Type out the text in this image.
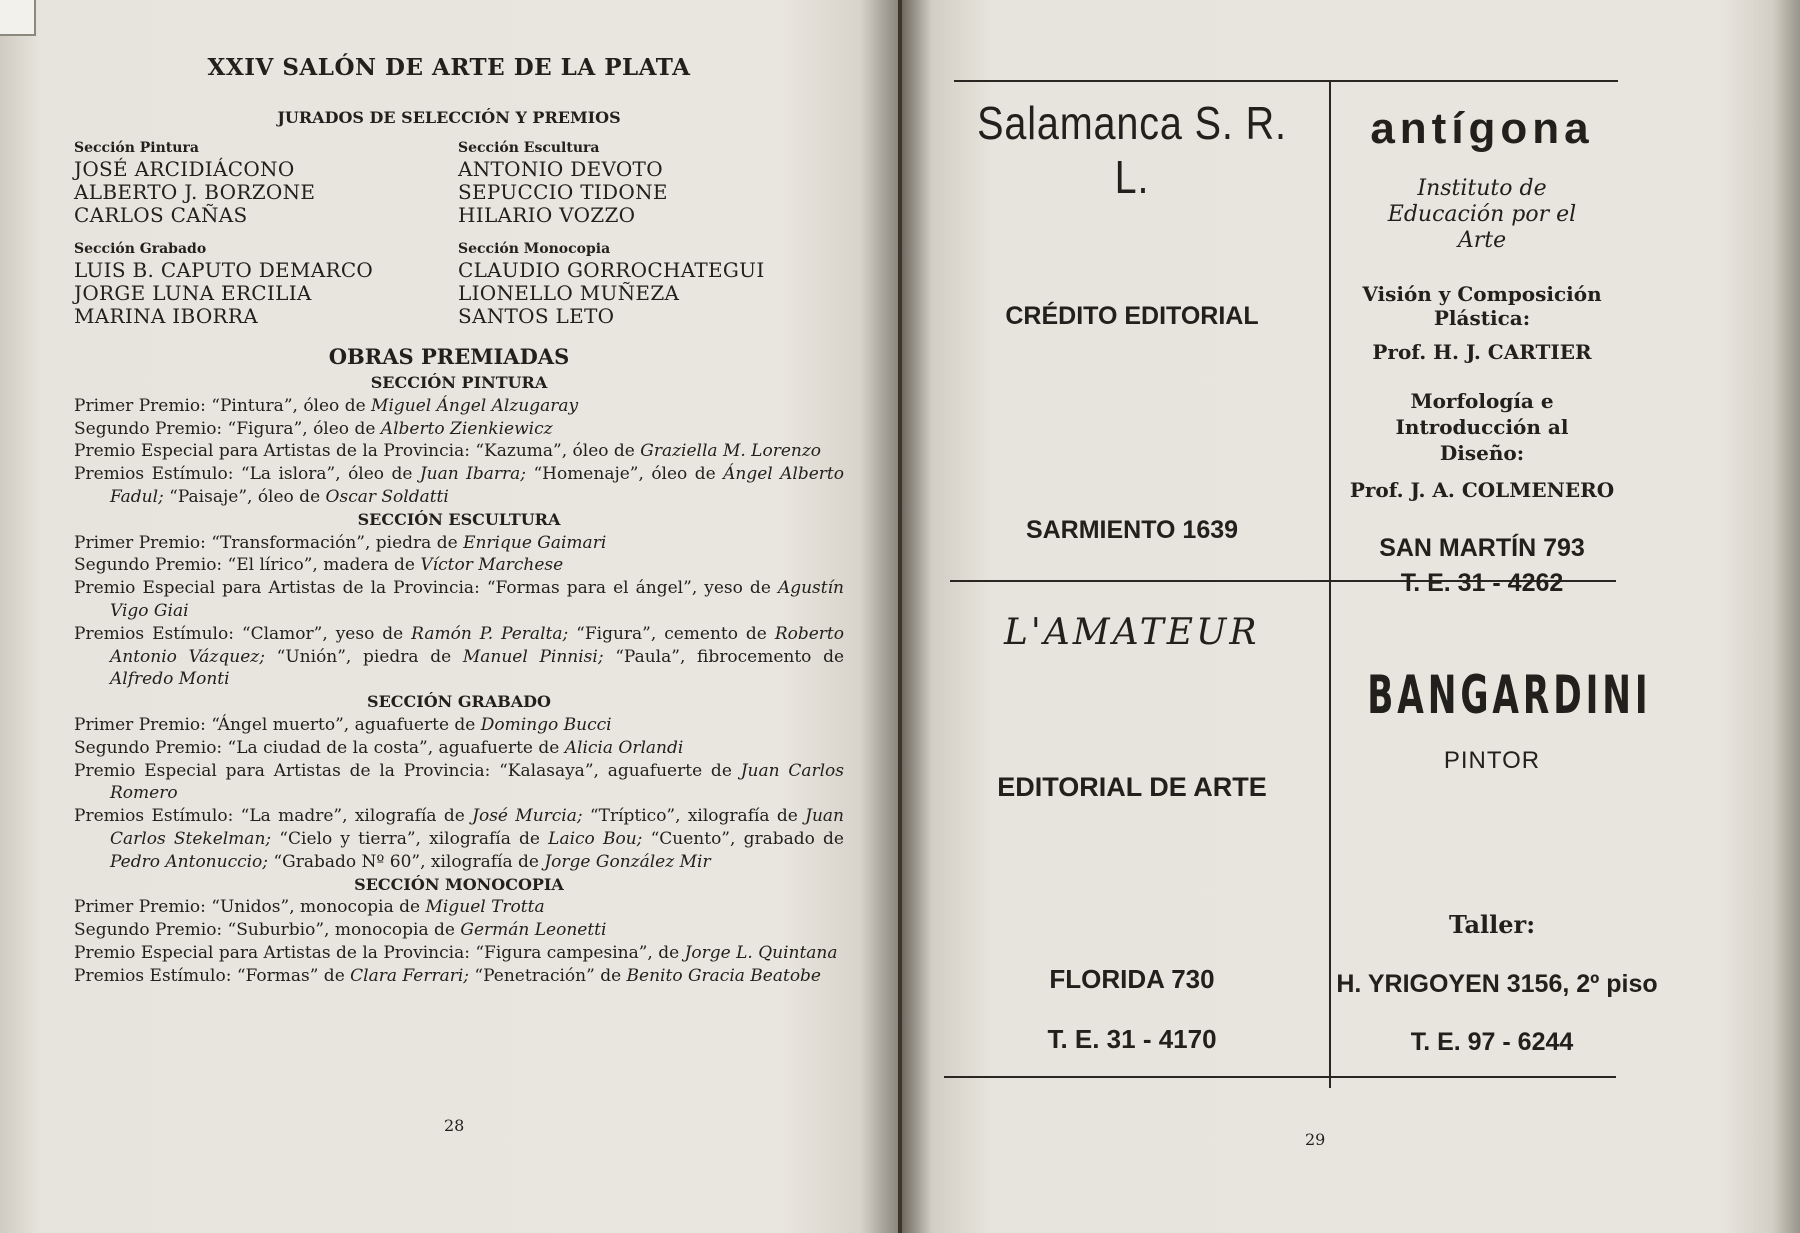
XXIV SALÓN DE ARTE DE LA PLATA
JURADOS DE SELECCIÓN Y PREMIOS

Sección Pintura

JOSÉ ARCIDIÁCONO

ALBERTO J. BORZONE

CARLOS CAÑAS

Sección Grabado

LUIS B. CAPUTO DEMARCO

JORGE LUNA ERCILIA

MARINA IBORRA

Sección Escultura

ANTONIO DEVOTO

SEPUCCIO TIDONE

HILARIO VOZZO

Sección Monocopia

CLAUDIO GORROCHATEGUI

LIONELLO MUÑEZA

SANTOS LETO

OBRAS PREMIADAS

SECCIÓN PINTURA

Primer Premio: “Pintura”, óleo de Miguel Ángel Alzugaray

Segundo Premio: “Figura”, óleo de Alberto Zienkiewicz

Premio Especial para Artistas de la Provincia: “Kazuma”, óleo de Graziella M. Lorenzo

Premios Estímulo: “La islora”, óleo de Juan Ibarra; “Homenaje”, óleo de Ángel Alberto Fadul; “Paisaje”, óleo de Oscar Soldatti

SECCIÓN ESCULTURA

Primer Premio: “Transformación”, piedra de Enrique Gaimari

Segundo Premio: “El lírico”, madera de Víctor Marchese

Premio Especial para Artistas de la Provincia: “Formas para el ángel”, yeso de Agustín Vigo Giai

Premios Estímulo: “Clamor”, yeso de Ramón P. Peralta; “Figura”, cemento de Roberto Antonio Vázquez; “Unión”, piedra de Manuel Pinnisi; “Paula”, fibrocemento de Alfredo Monti

SECCIÓN GRABADO

Primer Premio: “Ángel muerto”, aguafuerte de Domingo Bucci

Segundo Premio: “La ciudad de la costa”, aguafuerte de Alicia Orlandi

Premio Especial para Artistas de la Provincia: “Kalasaya”, aguafuerte de Juan Carlos Romero

Premios Estímulo: “La madre”, xilografía de José Murcia; “Tríptico”, xilografía de Juan Carlos Stekelman; “Cielo y tierra”, xilografía de Laico Bou; “Cuento”, grabado de Pedro Antonuccio; “Grabado Nº 60”, xilografía de Jorge González Mir

SECCIÓN MONOCOPIA

Primer Premio: “Unidos”, monocopia de Miguel Trotta

Segundo Premio: “Suburbio”, monocopia de Germán Leonetti

Premio Especial para Artistas de la Provincia: “Figura campesina”, de Jorge L. Quintana

Premios Estímulo: “Formas” de Clara Ferrari; “Penetración” de Benito Gracia Beatobe

28
Salamanca S. R. L.
CRÉDITO EDITORIAL
SARMIENTO 1639
antígona
Instituto de Educación por el Arte
Visión y Composición Plástica:
Prof. H. J. CARTIER
Morfología e Introducción al Diseño:
Prof. J. A. COLMENERO
SAN MARTÍN 793
T. E. 31 - 4262
L'AMATEUR
EDITORIAL DE ARTE
FLORIDA 730
T. E. 31 - 4170
BANGARDINI
PINTOR
Taller:
H. YRIGOYEN 3156, 2º piso
T. E. 97 - 6244
29
